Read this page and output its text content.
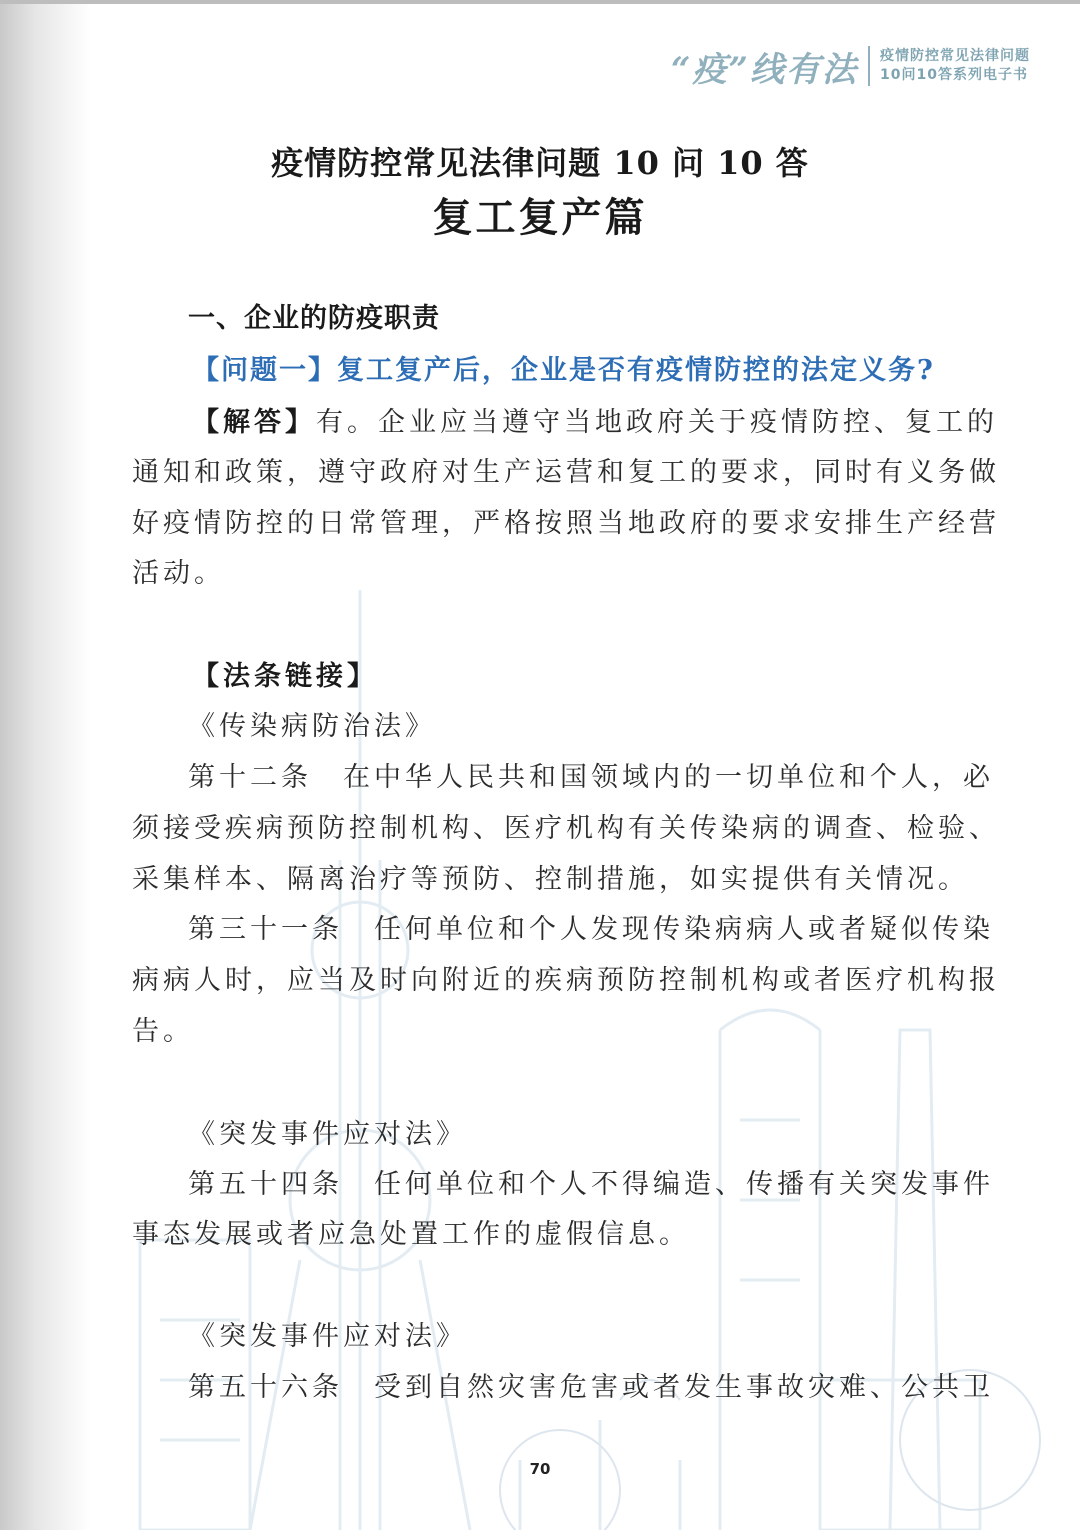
“疫”线有法 疫情防控常见法律问题
10问10答系列电子书
疫情防控常见法律问题 10 问 10 答
复工复产篇
一、企业的防疫职责
【问题一】复工复产后，企业是否有疫情防控的法定义务?
【解答】有。企业应当遵守当地政府关于疫情防控、复工的
通知和政策，遵守政府对生产运营和复工的要求，同时有义务做
好疫情防控的日常管理，严格按照当地政府的要求安排生产经营
活动。
【法条链接】
《传染病防治法》
第十二条　在中华人民共和国领域内的一切单位和个人，必
须接受疾病预防控制机构、医疗机构有关传染病的调查、检验、
采集样本、隔离治疗等预防、控制措施，如实提供有关情况。
第三十一条　任何单位和个人发现传染病病人或者疑似传染
病病人时，应当及时向附近的疾病预防控制机构或者医疗机构报
告。
《突发事件应对法》
第五十四条　任何单位和个人不得编造、传播有关突发事件
事态发展或者应急处置工作的虚假信息。
《突发事件应对法》
第五十六条　受到自然灾害危害或者发生事故灾难、公共卫
70
